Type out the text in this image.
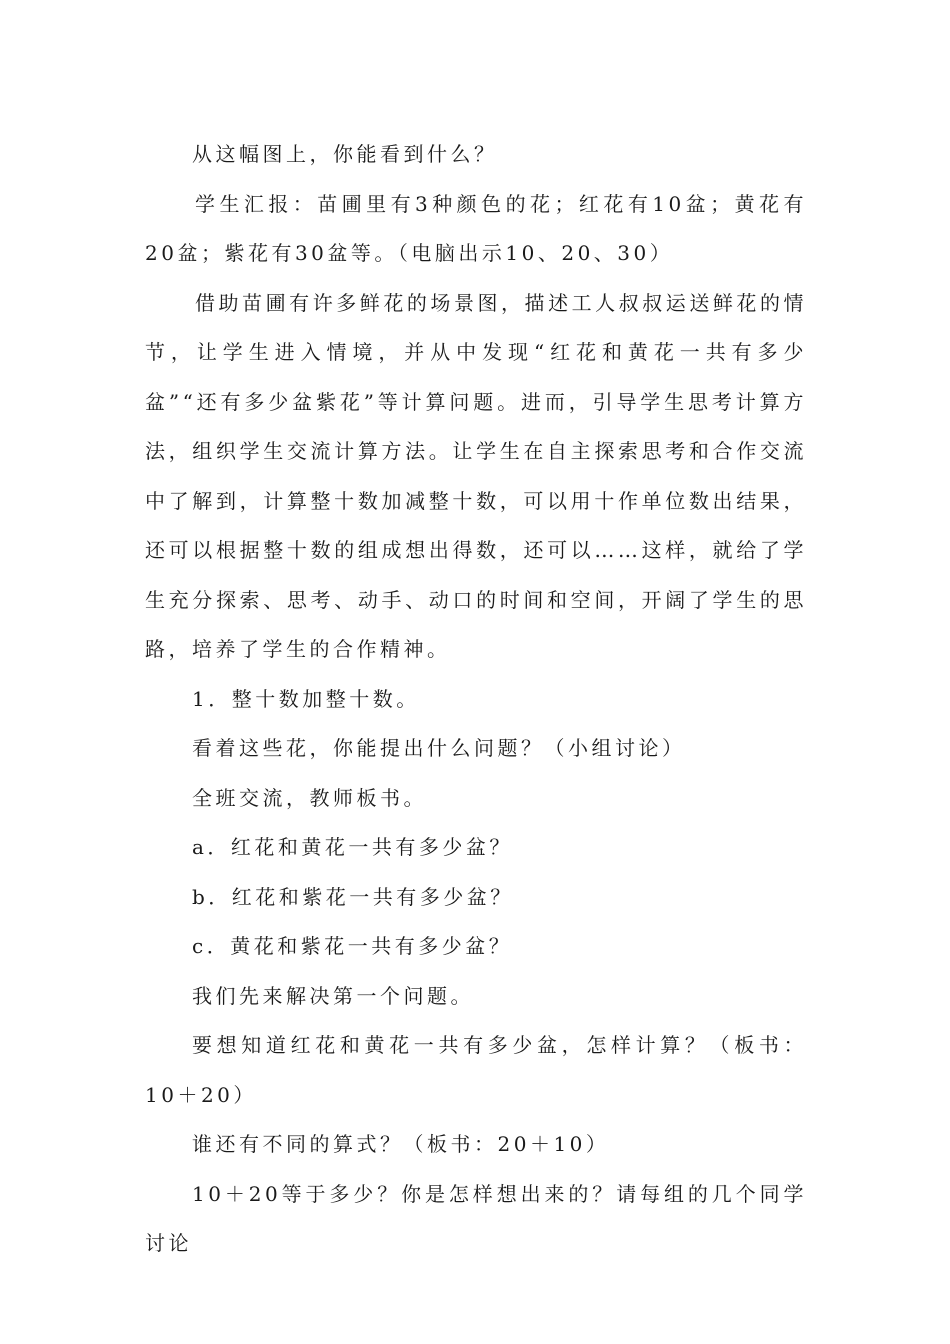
从这幅图上，你能看到什么？

学生汇报：苗圃里有3种颜色的花；红花有10盆；黄花有20盆；紫花有30盆等。（电脑出示10、20、30）

借助苗圃有许多鲜花的场景图，描述工人叔叔运送鲜花的情节，让学生进入情境，并从中发现“红花和黄花一共有多少盆”“还有多少盆紫花”等计算问题。进而，引导学生思考计算方法，组织学生交流计算方法。让学生在自主探索思考和合作交流中了解到，计算整十数加减整十数，可以用十作单位数出结果，还可以根据整十数的组成想出得数，还可以……这样，就给了学生充分探索、思考、动手、动口的时间和空间，开阔了学生的思路，培养了学生的合作精神。

1．整十数加整十数。

看着这些花，你能提出什么问题？（小组讨论）

全班交流，教师板书。

a．红花和黄花一共有多少盆？

b．红花和紫花一共有多少盆？

c．黄花和紫花一共有多少盆？

我们先来解决第一个问题。

要想知道红花和黄花一共有多少盆，怎样计算？（板书：10＋20）

谁还有不同的算式？（板书：20＋10）

10＋20等于多少？你是怎样想出来的？请每组的几个同学讨论
